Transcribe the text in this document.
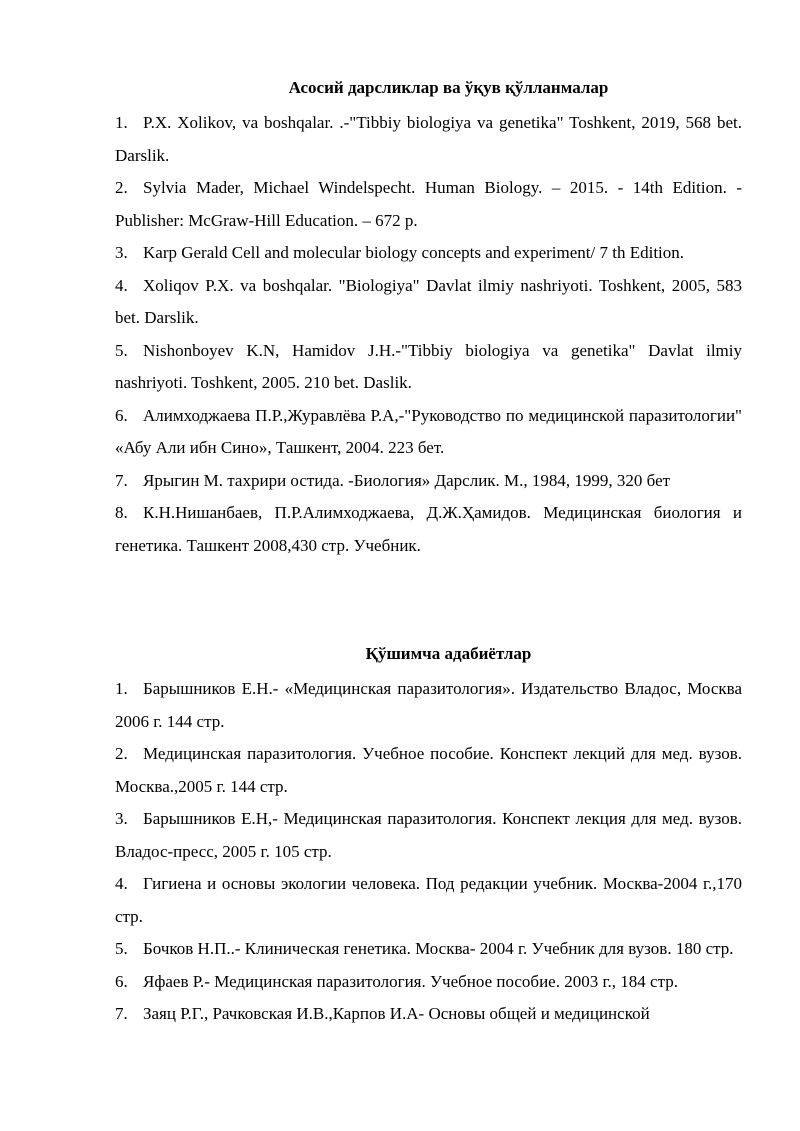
Асосий дарсликлар ва ўқув қўлланмалар
1. P.X. Xolikov, va boshqalar. .-"Tibbiy biologiya va genetika" Toshkent, 2019, 568 bet. Darslik.
2. Sylvia Mader, Michael Windelspecht. Human Biology. – 2015. - 14th Edition. - Publisher: McGraw-Hill Education. – 672 p.
3. Karp Gerald Cell and molecular biology concepts and experiment/ 7 th Edition.
4. Xoliqov P.X. va boshqalar. "Biologiya" Davlat ilmiy nashriyoti. Toshkent, 2005, 583 bet. Darslik.
5. Nishonboyev K.N, Hamidov J.H.-"Tibbiy biologiya va genetika" Davlat ilmiy nashriyoti. Toshkent, 2005. 210 bet. Daslik.
6. Алимходжаева П.Р.,Журавлёва Р.А,-"Руководство по медицинской паразитологии" «Абу Али ибн Сино», Ташкент, 2004. 223 бет.
7. Ярыгин М. тахрири остида. -Биология» Дарслик. М., 1984, 1999, 320 бет
8. К.Н.Нишанбаев, П.Р.Алимходжаева, Д.Ж.Ҳамидов. Медицинская биология и генетика. Ташкент 2008,430 стр. Учебник.
Қўшимча адабиётлар
1. Барышников Е.Н.- «Медицинская паразитология». Издательство Владос, Москва 2006 г. 144 стр.
2. Медицинская паразитология. Учебное пособие. Конспект лекций для мед. вузов. Москва.,2005 г. 144 стр.
3. Барышников Е.Н,- Медицинская паразитология. Конспект лекция для мед. вузов. Владос-пресс, 2005 г. 105 стр.
4. Гигиена и основы экологии человека. Под редакции учебник. Москва-2004 г.,170 стр.
5. Бочков Н.П..- Клиническая генетика. Москва- 2004 г. Учебник для вузов. 180 стр.
6. Яфаев Р.- Медицинская паразитология. Учебное пособие. 2003 г., 184 стр.
7. Заяц Р.Г., Рачковская И.В.,Карпов И.А- Основы общей и медицинской
